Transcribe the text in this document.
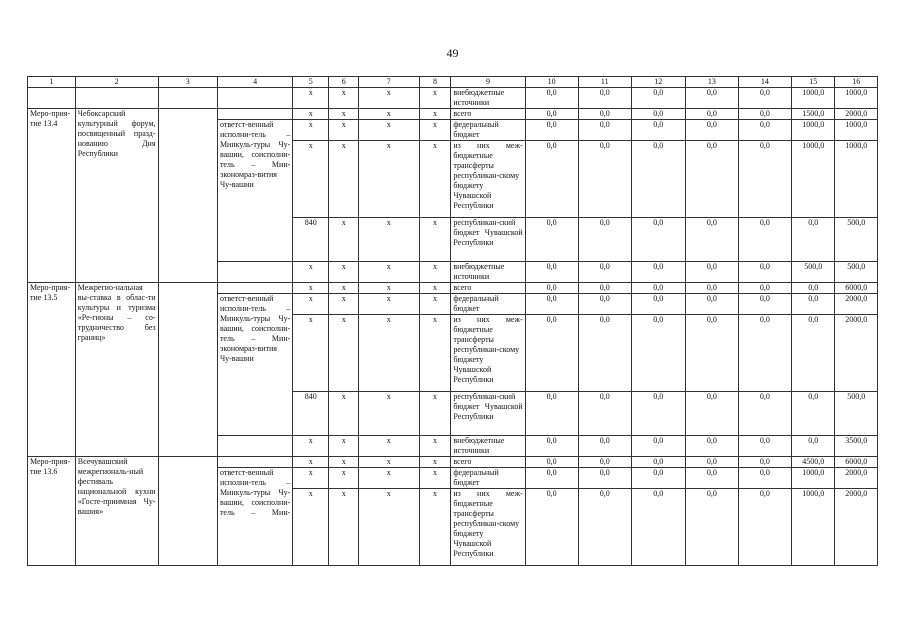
49
1	2	3	4	5	6	7	8	9	10	11	12	13	14	15	16
				x	x	x	x	внебюджетные источники	0,0	0,0	0,0	0,0	0,0	1000,0	1000,0
Меро-прия-тие 13.4	Чебоксарский культурный форум, посвященный празд-нованию Дня Республики			x	x	x	x	всего	0,0	0,0	0,0	0,0	0,0	1500,0	2000,0
			ответст-венный исполни-тель – Минкуль-туры Чу-вашии, соисполни-тель – Мин-экономраз-вития Чу-вашии	x	x	x	x	федеральный бюджет	0,0	0,0	0,0	0,0	0,0	1000,0	1000,0
				x	x	x	x	из них меж-бюджетные трансферты республикан-скому бюджету Чувашской Республики	0,0	0,0	0,0	0,0	0,0	1000,0	1000,0
				840	x	x	x	республикан-ский бюджет Чувашской Республики	0,0	0,0	0,0	0,0	0,0	0,0	500,0
				x	x	x	x	внебюджетные источники	0,0	0,0	0,0	0,0	0,0	500,0	500,0
Меро-прия-тие 13.5	Межрегио-нальная вы-ставка в облас-ти культуры и туризма «Ре-гионы – со-трудничество без границ»			x	x	x	x	всего	0,0	0,0	0,0	0,0	0,0	0,0	6000,0
			ответст-венный исполни-тель – Минкуль-туры Чу-вашии, соисполни-тель – Мин-экономраз-вития Чу-вашии	x	x	x	x	федеральный бюджет	0,0	0,0	0,0	0,0	0,0	0,0	2000,0
				x	x	x	x	из них меж-бюджетные трансферты республикан-скому бюджету Чувашской Республики	0,0	0,0	0,0	0,0	0,0	0,0	2000,0
				840	x	x	x	республикан-ский бюджет Чувашской Республики	0,0	0,0	0,0	0,0	0,0	0,0	500,0
				x	x	x	x	внебюджетные источники	0,0	0,0	0,0	0,0	0,0	0,0	3500,0
Меро-прия-тие 13.6	Всечувашский межрегиональ-ный фестиваль национальной кухни «Госте-приимная Чу-вашия»			x	x	x	x	всего	0,0	0,0	0,0	0,0	0,0	4500,0	6000,0
			ответст-венный исполни-тель – Минкуль-туры Чу-вашии, соисполни-тель – Мин-	x	x	x	x	федеральный бюджет	0,0	0,0	0,0	0,0	0,0	1000,0	2000,0
				x	x	x	x	из них меж-бюджетные трансферты республикан-скому бюджету Чувашской Республики	0,0	0,0	0,0	0,0	0,0	1000,0	2000,0
